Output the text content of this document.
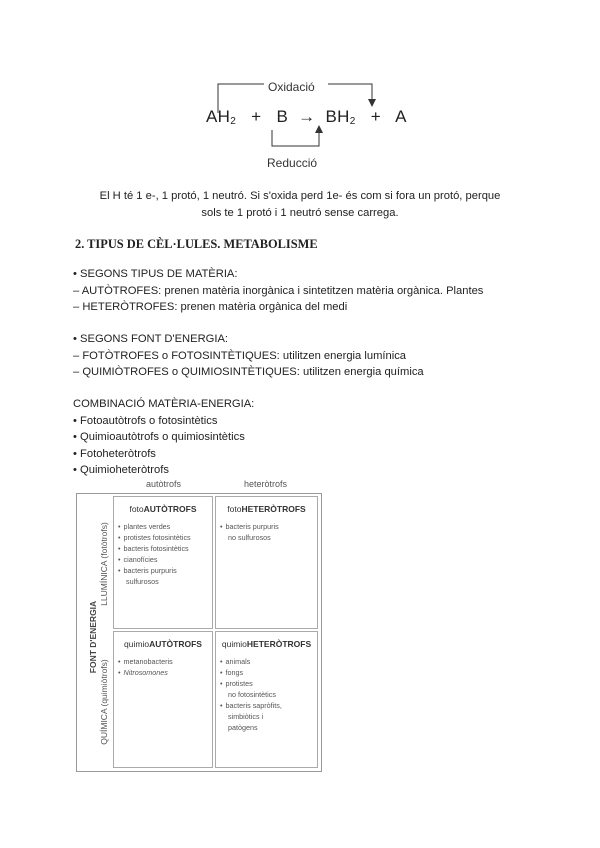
Oxidació
$AH_2 + B \to BH_2 + A$
Reducció
El H té 1 e-, 1 protó, 1 neutró. Si s'oxida perd 1e- és com si fora un protó, perque
sols te 1 protó i 1 neutró sense carrega.
2. TIPUS DE CÈL·LULES. METABOLISME
• SEGONS TIPUS DE MATÈRIA:
– AUTÒTROFES: prenen matèria inorgànica i sintetitzen matèria orgànica. Plantes
– HETERÒTROFES: prenen matèria orgànica del medi
• SEGONS FONT D'ENERGIA:
– FOTÒTROFES o FOTOSINTÈTIQUES: utilitzen energia lumínica
– QUIMIÒTROFES o QUIMIOSINTÈTIQUES: utilitzen energia química
COMBINACIÓ MATÈRIA-ENERGIA:
• Fotoautòtrofs o fotosintètics
• Quimioautòtrofs o quimiosintètics
• Fotoheteròtrofs
• Quimioheteròtrofs
autòtrofs	heteròtrofs
FONT D'ENERGIA
LLUMÍNICA (fotòtrofs)
QUÍMICA (quimiòtrofs)
fotoAUTÒTROFS
• plantes verdes
• protistes fotosintètics
• bacteris fotosintètics
• cianofícies
• bacteris purpuris
sulfurosos
fotoHETERÒTROFS
• bacteris purpuris
no sulfurosos
quimioAUTÒTROFS
• metanobacteris
• Nitrosomones
quimioHETERÒTROFS
• animals
• fongs
• protistes
no fotosintètics
• bacteris sapròfits,
simbiòtics i
patògens
